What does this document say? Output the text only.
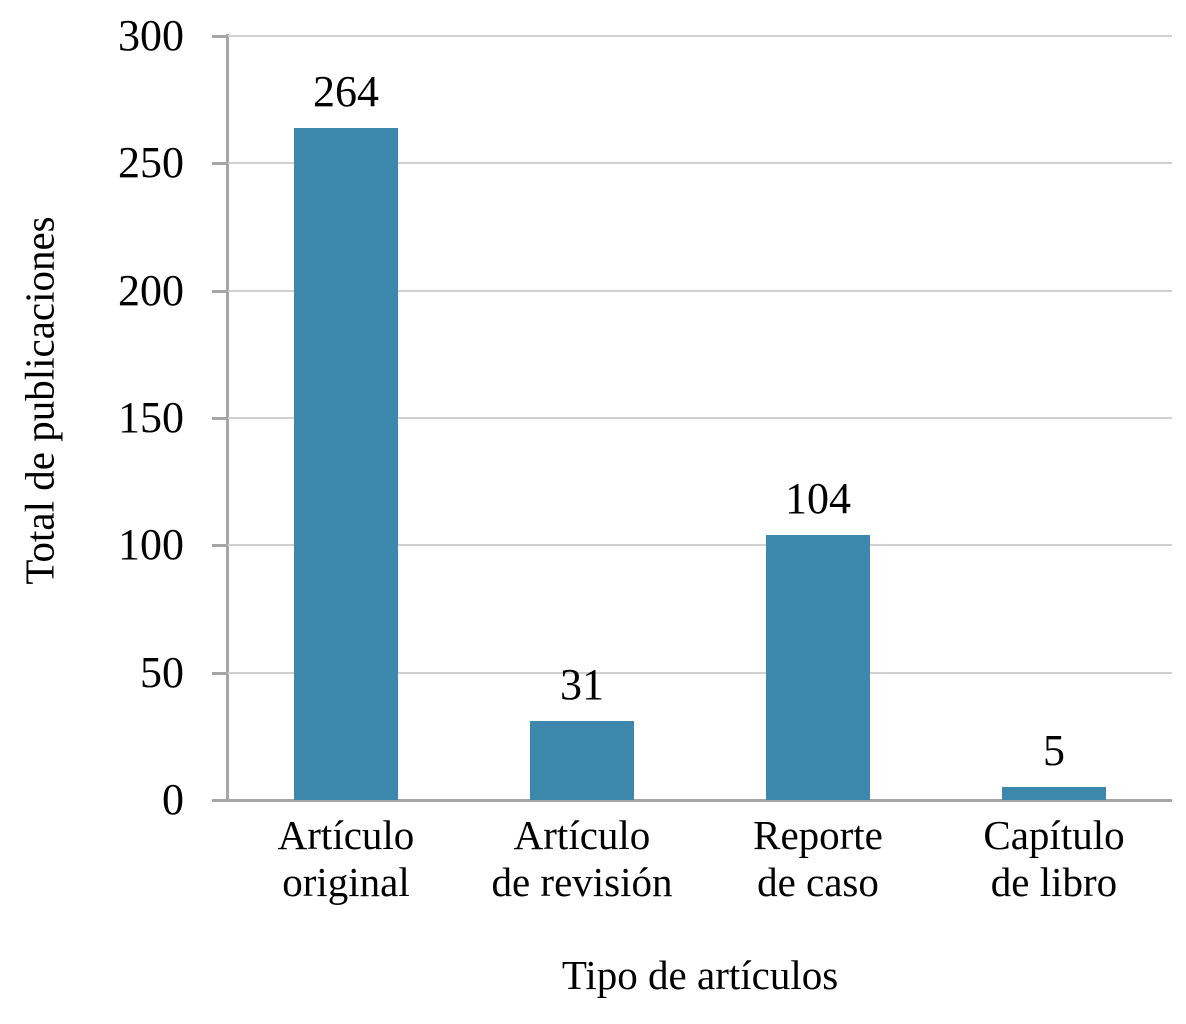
Total de publicaciones
0
50
100
150
200
250
300
264
31
104
5
Artículo
original
Artículo
de revisión
Reporte
de caso
Capítulo
de libro
Tipo de artículos
